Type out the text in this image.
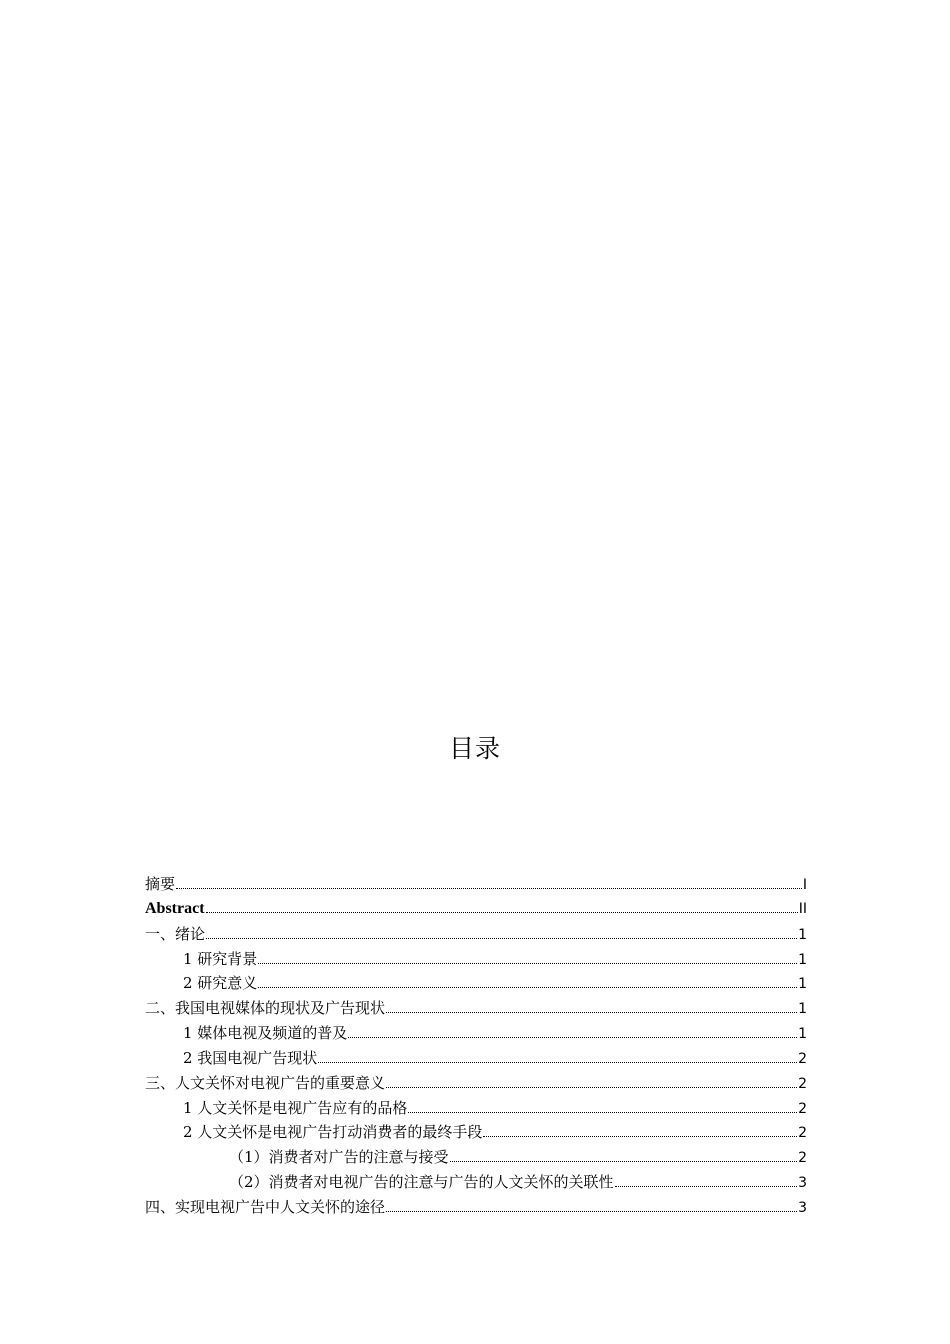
目录
摘要	I
Abstract	II
一、绪论	1
1 研究背景	1
2 研究意义	1
二、我国电视媒体的现状及广告现状	1
1 媒体电视及频道的普及	1
2 我国电视广告现状	2
三、人文关怀对电视广告的重要意义	2
1 人文关怀是电视广告应有的品格	2
2 人文关怀是电视广告打动消费者的最终手段	2
（1）消费者对广告的注意与接受	2
（2）消费者对电视广告的注意与广告的人文关怀的关联性	3
四、实现电视广告中人文关怀的途径	3
